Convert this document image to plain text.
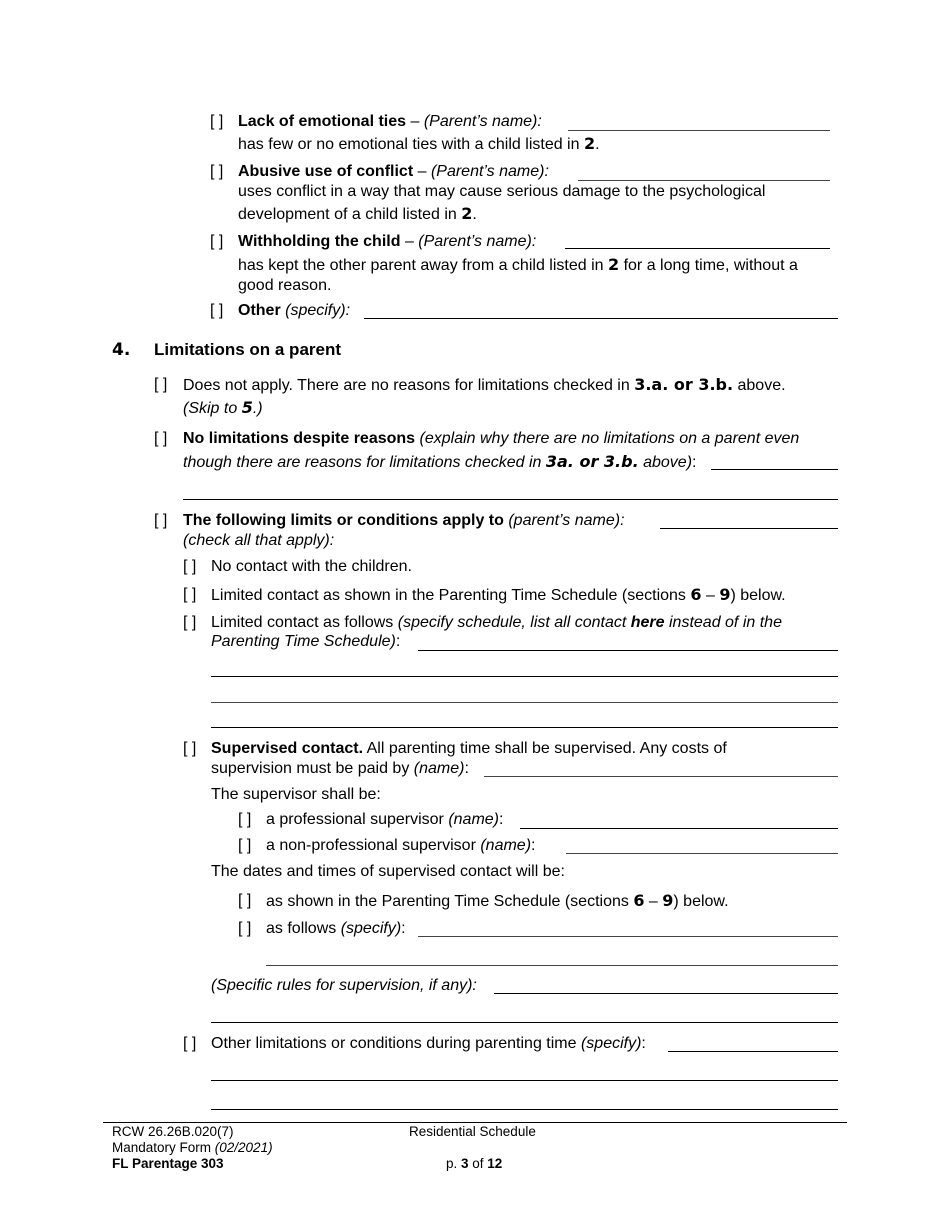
[ ] Lack of emotional ties – (Parent’s name):
has few or no emotional ties with a child listed in 2.
[ ] Abusive use of conflict – (Parent’s name):
uses conflict in a way that may cause serious damage to the psychological
development of a child listed in 2.
[ ] Withholding the child – (Parent’s name):
has kept the other parent away from a child listed in 2 for a long time, without a
good reason.
[ ] Other (specify):
4. Limitations on a parent
[ ] Does not apply. There are no reasons for limitations checked in 3.a. or 3.b. above.
(Skip to 5.)
[ ] No limitations despite reasons (explain why there are no limitations on a parent even
though there are reasons for limitations checked in 3a. or 3.b. above):
[ ] The following limits or conditions apply to (parent’s name):
(check all that apply):
[ ] No contact with the children.
[ ] Limited contact as shown in the Parenting Time Schedule (sections 6 – 9) below.
[ ] Limited contact as follows (specify schedule, list all contact here instead of in the
Parenting Time Schedule):
[ ] Supervised contact. All parenting time shall be supervised. Any costs of
supervision must be paid by (name):
The supervisor shall be:
[ ] a professional supervisor (name):
[ ] a non-professional supervisor (name):
The dates and times of supervised contact will be:
[ ] as shown in the Parenting Time Schedule (sections 6 – 9) below.
[ ] as follows (specify):
(Specific rules for supervision, if any):
[ ] Other limitations or conditions during parenting time (specify):
RCW 26.26B.020(7)
Mandatory Form (02/2021)
FL Parentage 303
Residential Schedule
p. 3 of 12
